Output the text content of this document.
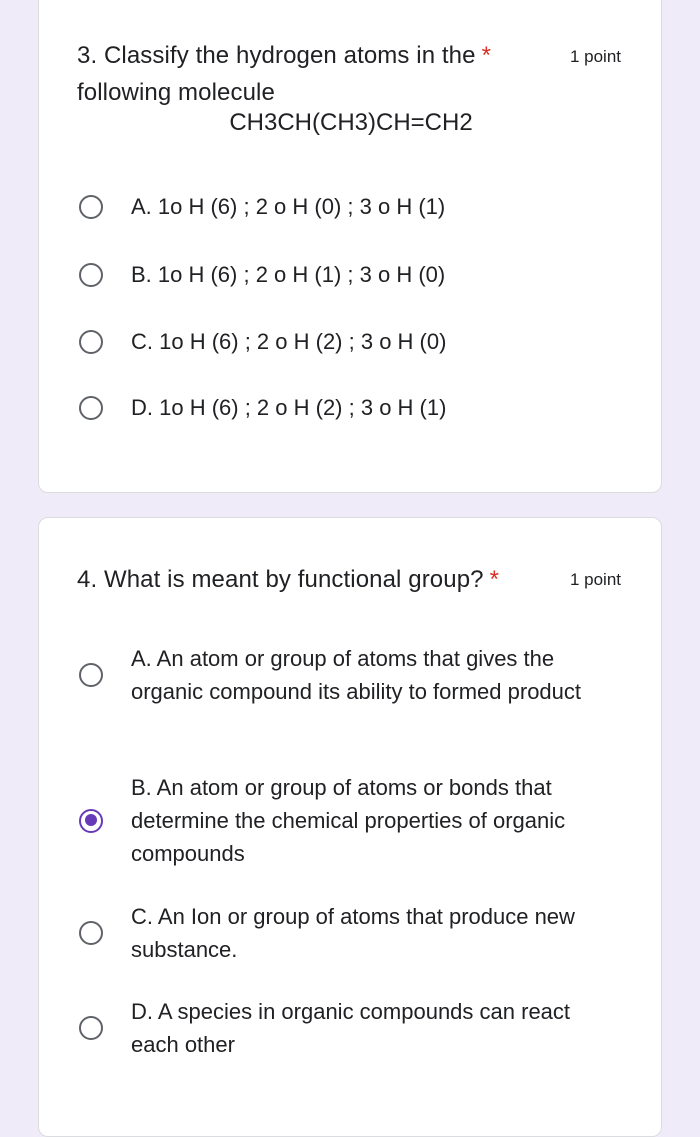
3. Classify the hydrogen atoms in the *
following molecule
1 point
CH3CH(CH3)CH=CH2
A. 1o H (6) ; 2 o H (0) ; 3 o H (1)
B. 1o H (6) ; 2 o H (1) ; 3 o H (0)
C. 1o H (6) ; 2 o H (2) ; 3 o H (0)
D. 1o H (6) ; 2 o H (2) ; 3 o H (1)
4. What is meant by functional group? *	1 point
A. An atom or group of atoms that gives the organic compound its ability to formed product
B. An atom or group of atoms or bonds that determine the chemical properties of organic compounds
C. An Ion or group of atoms that produce new substance.
D. A species in organic compounds can react each other
